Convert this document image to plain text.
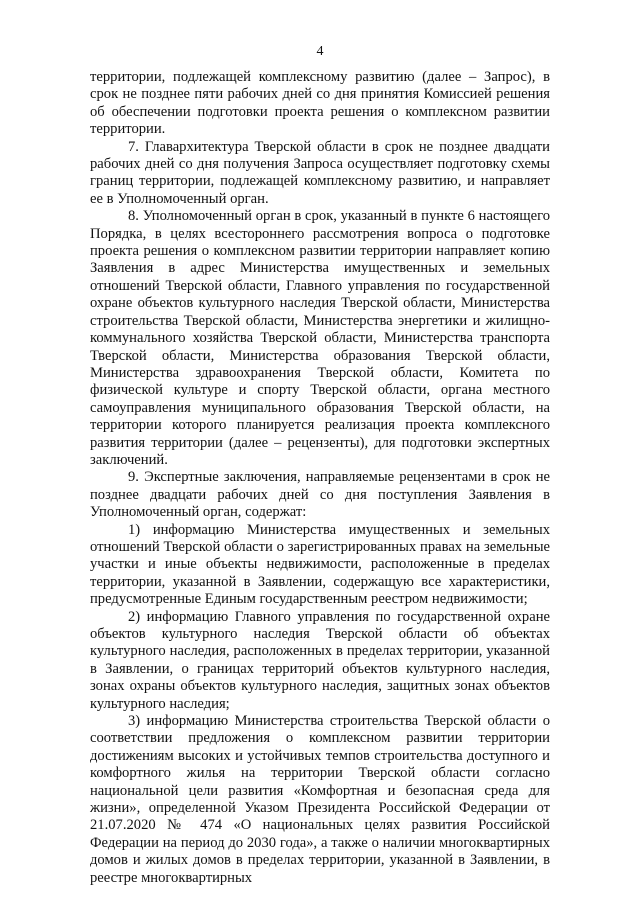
4

территории, подлежащей комплексному развитию (далее – Запрос), в срок не позднее пяти рабочих дней со дня принятия Комиссией решения об обеспечении подготовки проекта решения о комплексном развитии территории.

7. Главархитектура Тверской области в срок не позднее двадцати рабочих дней со дня получения Запроса осуществляет подготовку схемы границ территории, подлежащей комплексному развитию, и направляет ее в Уполномоченный орган.

8. Уполномоченный орган в срок, указанный в пункте 6 настоящего Порядка, в целях всестороннего рассмотрения вопроса о подготовке проекта решения о комплексном развитии территории направляет копию Заявления в адрес Министерства имущественных и земельных отношений Тверской области, Главного управления по государственной охране объектов культурного наследия Тверской области, Министерства строительства Тверской области, Министерства энергетики и жилищно-коммунального хозяйства Тверской области, Министерства транспорта Тверской области, Министерства образования Тверской области, Министерства здравоохранения Тверской области, Комитета по физической культуре и спорту Тверской области, органа местного самоуправления муниципального образования Тверской области, на территории которого планируется реализация проекта комплексного развития территории (далее – рецензенты), для подготовки экспертных заключений.

9. Экспертные заключения, направляемые рецензентами в срок не позднее двадцати рабочих дней со дня поступления Заявления в Уполномоченный орган, содержат:

1) информацию Министерства имущественных и земельных отношений Тверской области о зарегистрированных правах на земельные участки и иные объекты недвижимости, расположенные в пределах территории, указанной в Заявлении, содержащую все характеристики, предусмотренные Единым государственным реестром недвижимости;

2) информацию Главного управления по государственной охране объектов культурного наследия Тверской области об объектах культурного наследия, расположенных в пределах территории, указанной в Заявлении, о границах территорий объектов культурного наследия, зонах охраны объектов культурного наследия, защитных зонах объектов культурного наследия;

3) информацию Министерства строительства Тверской области о соответствии предложения о комплексном развитии территории достижениям высоких и устойчивых темпов строительства доступного и комфортного жилья на территории Тверской области согласно национальной цели развития «Комфортная и безопасная среда для жизни», определенной Указом Президента Российской Федерации от 21.07.2020 № 474 «О национальных целях развития Российской Федерации на период до 2030 года», а также о наличии многоквартирных домов и жилых домов в пределах территории, указанной в Заявлении, в реестре многоквартирных
